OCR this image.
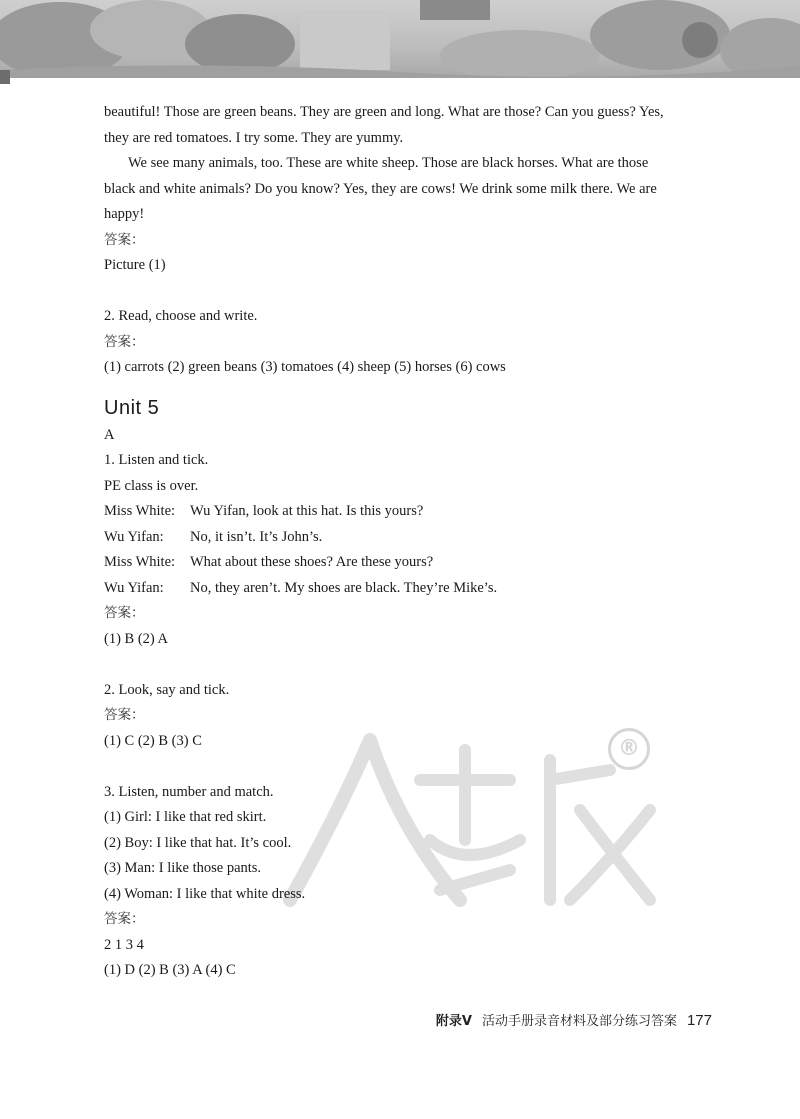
beautiful! Those are green beans. They are green and long. What are those? Can you guess? Yes,

they are red tomatoes. I try some. They are yummy.

We see many animals, too. These are white sheep. Those are black horses. What are those

black and white animals? Do you know? Yes, they are cows! We drink some milk there. We are

happy!

答案：

Picture (1)

2. Read, choose and write.

答案：

(1) carrots (2) green beans (3) tomatoes (4) sheep (5) horses (6) cows

Unit 5

A

1. Listen and tick.

PE class is over.

Miss White:	Wu Yifan, look at this hat. Is this yours?
Wu Yifan:	No, it isn’t. It’s John’s.
Miss White:	What about these shoes? Are these yours?
Wu Yifan:	No, they aren’t. My shoes are black. They’re Mike’s.

答案：

(1) B (2) A

2. Look, say and tick.

答案：

(1) C (2) B (3) C

3. Listen, number and match.

(1) Girl: I like that red skirt.

(2) Boy: I like that hat. It’s cool.

(3) Man: I like those pants.

(4) Woman: I like that white dress.

答案：

2 1 3 4

(1) D (2) B (3) A (4) C

®
附录V 活动手册录音材料及部分练习答案 177
